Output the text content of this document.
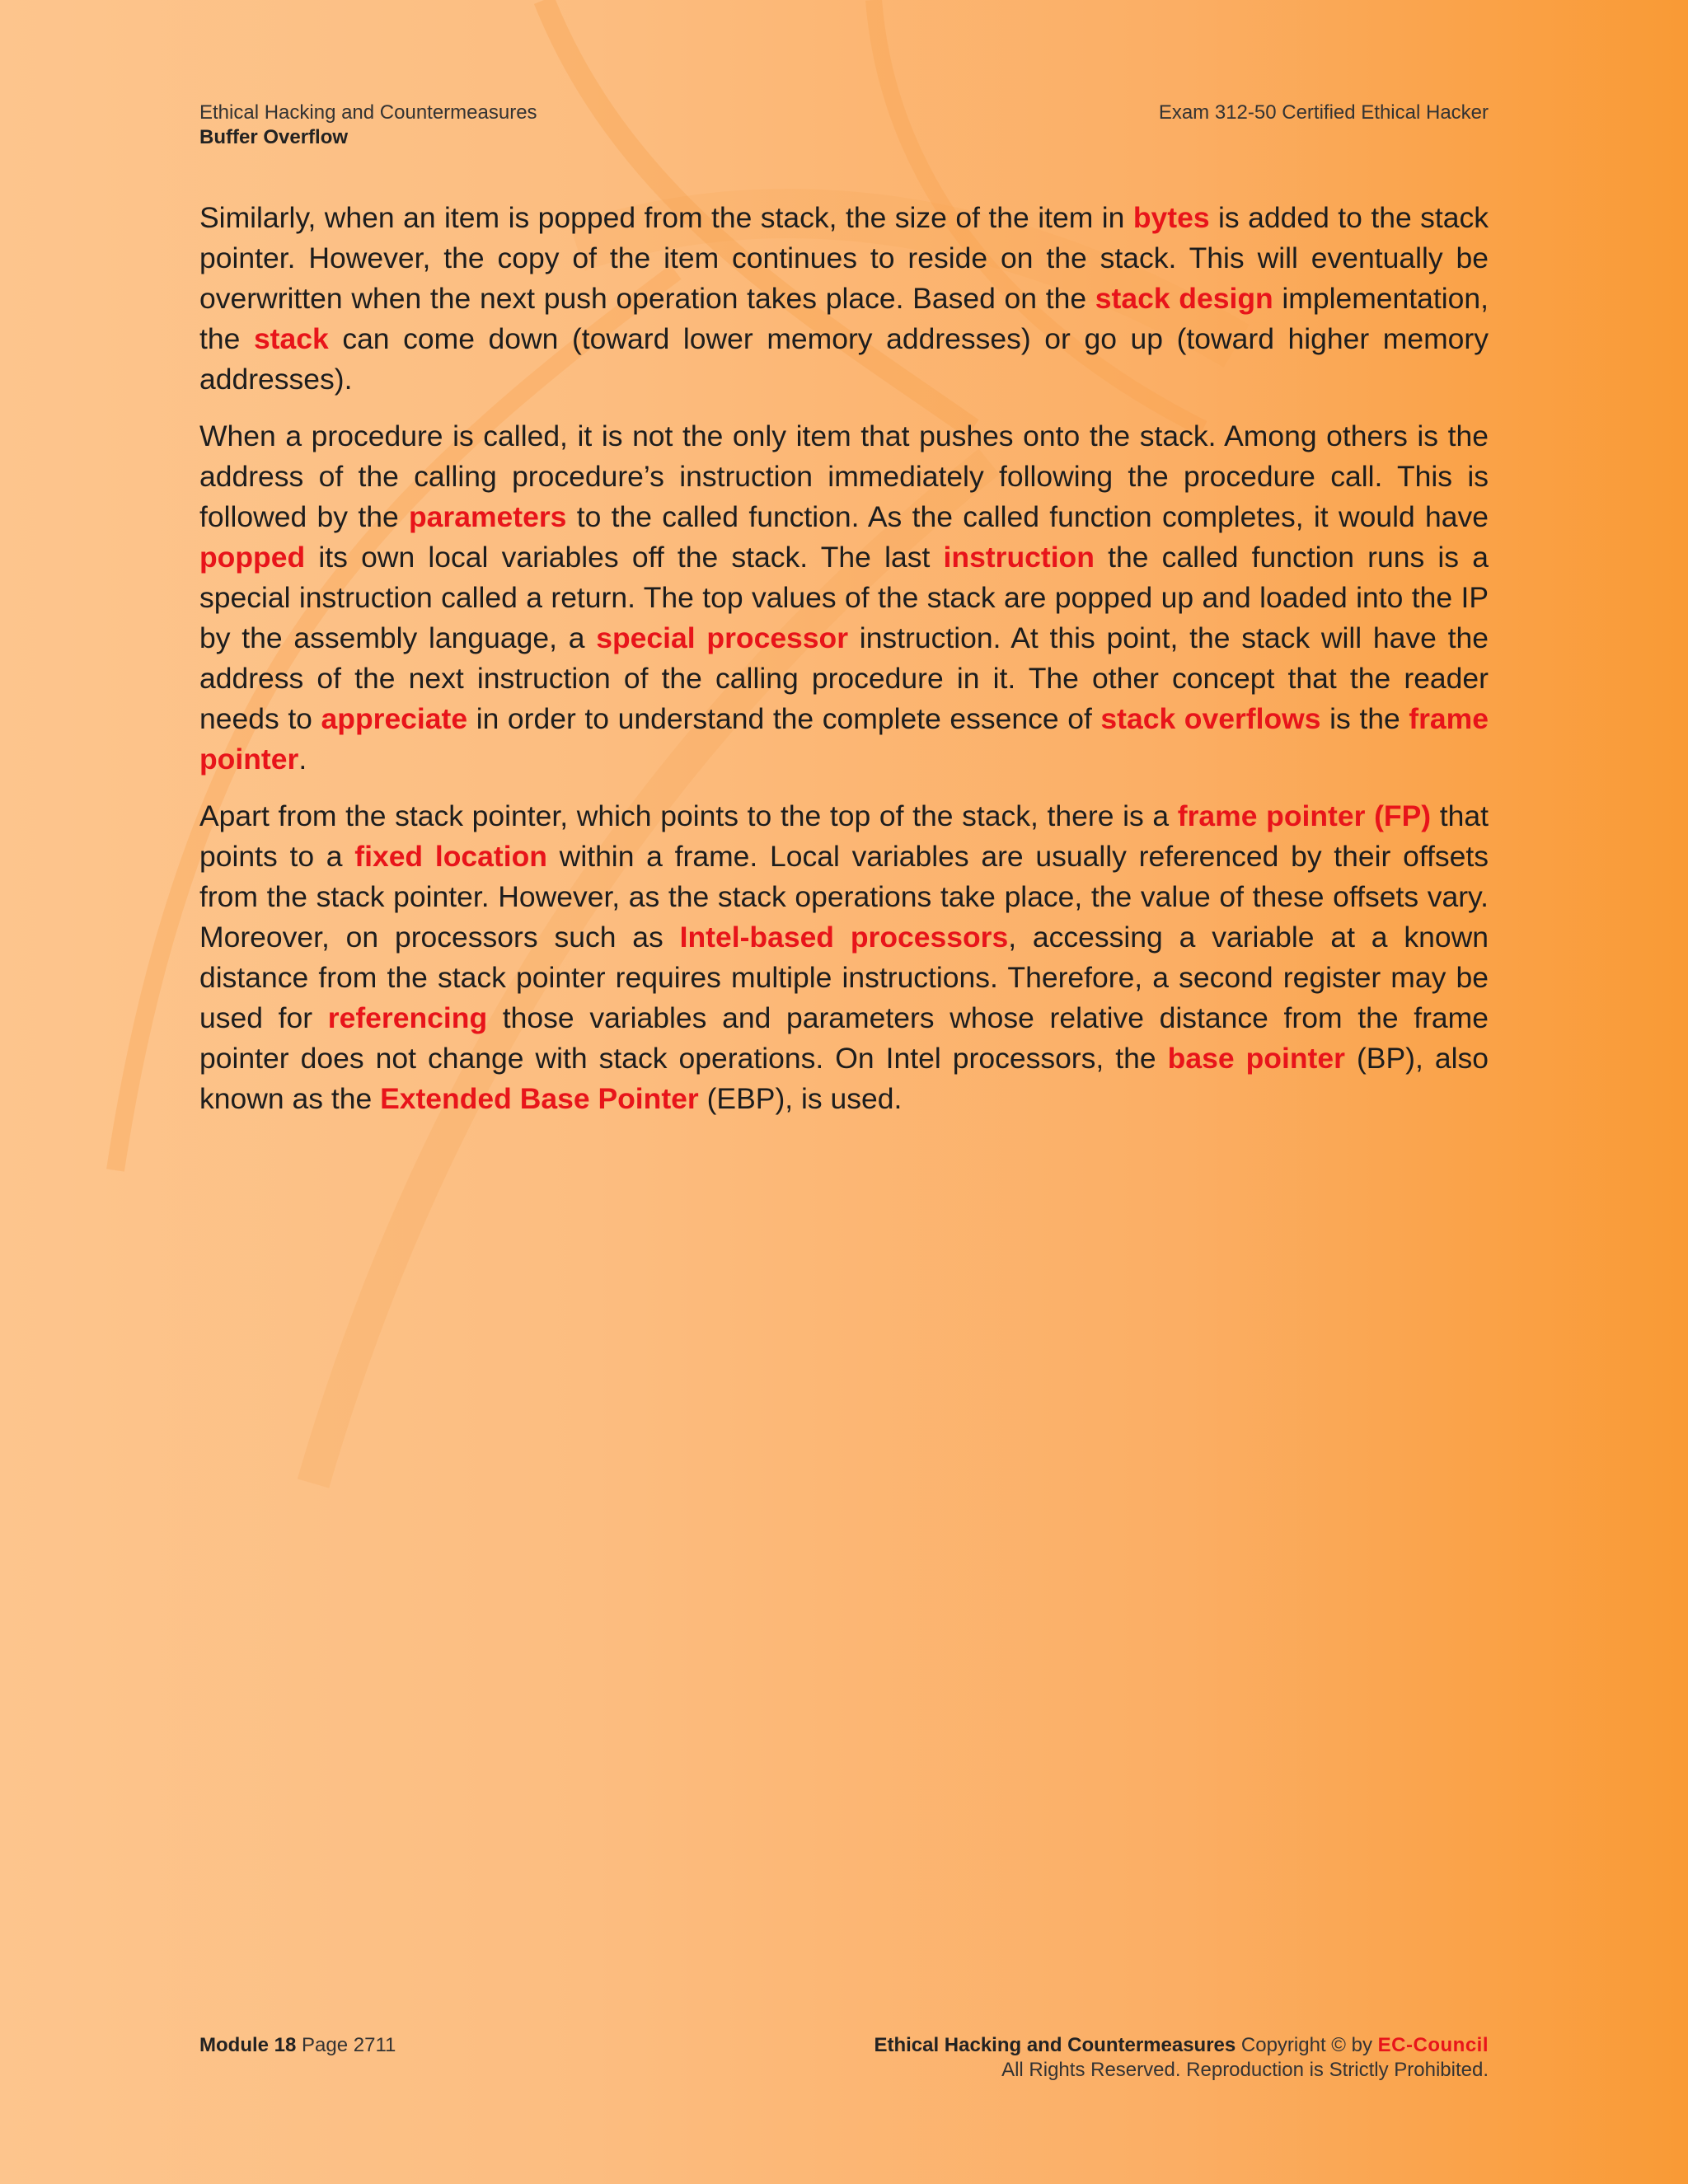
Ethical Hacking and Countermeasures
Buffer Overflow
Exam 312-50 Certified Ethical Hacker

Similarly, when an item is popped from the stack, the size of the item in bytes is added to the stack pointer. However, the copy of the item continues to reside on the stack. This will eventually be overwritten when the next push operation takes place. Based on the stack design implementation, the stack can come down (toward lower memory addresses) or go up (toward higher memory addresses).

When a procedure is called, it is not the only item that pushes onto the stack. Among others is the address of the calling procedure’s instruction immediately following the procedure call. This is followed by the parameters to the called function. As the called function completes, it would have popped its own local variables off the stack. The last instruction the called function runs is a special instruction called a return. The top values of the stack are popped up and loaded into the IP by the assembly language, a special processor instruction. At this point, the stack will have the address of the next instruction of the calling procedure in it. The other concept that the reader needs to appreciate in order to understand the complete essence of stack overflows is the frame pointer.

Apart from the stack pointer, which points to the top of the stack, there is a frame pointer (FP) that points to a fixed location within a frame. Local variables are usually referenced by their offsets from the stack pointer. However, as the stack operations take place, the value of these offsets vary. Moreover, on processors such as Intel-based processors, accessing a variable at a known distance from the stack pointer requires multiple instructions. Therefore, a second register may be used for referencing those variables and parameters whose relative distance from the frame pointer does not change with stack operations. On Intel processors, the base pointer (BP), also known as the Extended Base Pointer (EBP), is used.

Module 18 Page 2711	Ethical Hacking and Countermeasures Copyright © by EC-Council
All Rights Reserved. Reproduction is Strictly Prohibited.
